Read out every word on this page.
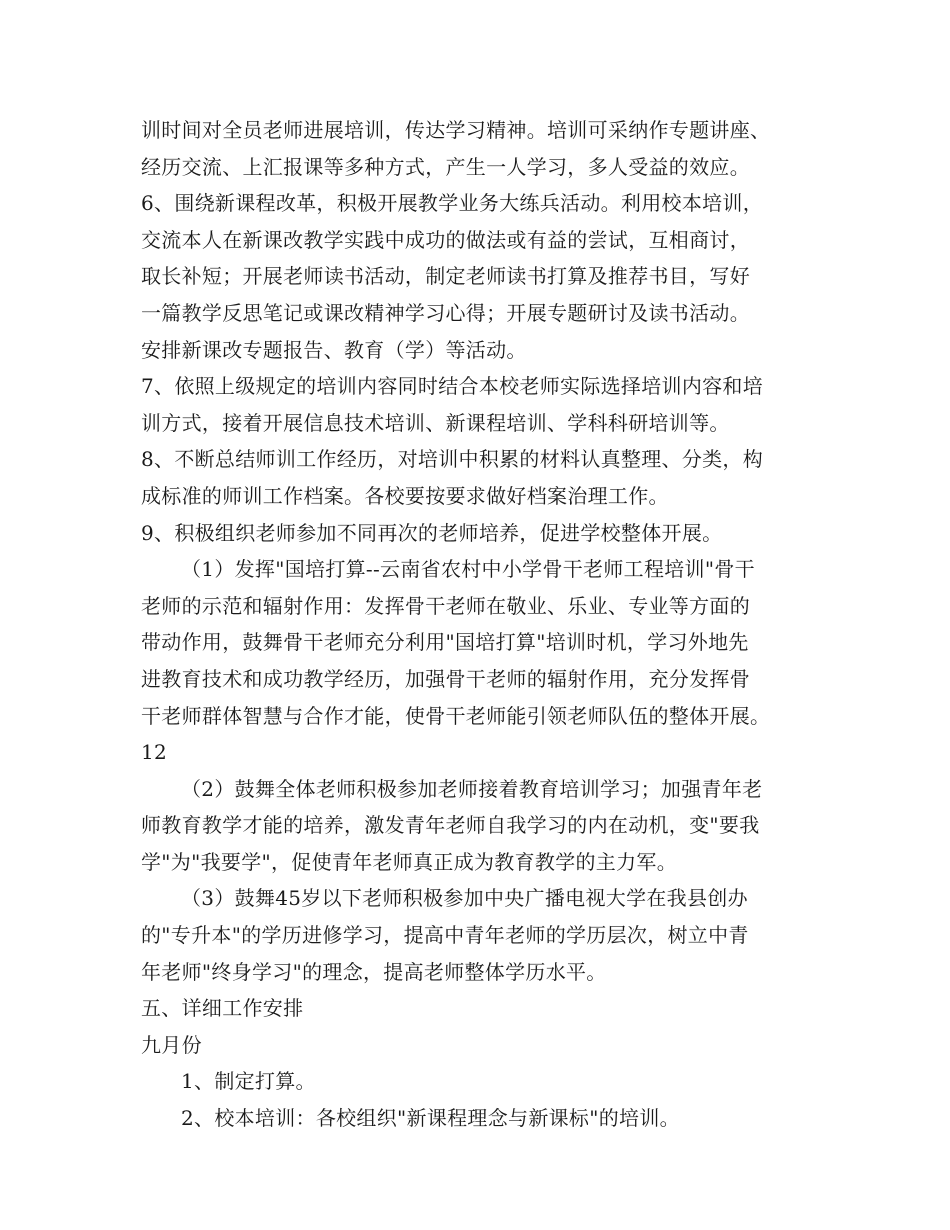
训时间对全员老师进展培训，传达学习精神。培训可采纳作专题讲座、
经历交流、上汇报课等多种方式，产生一人学习，多人受益的效应。
6、围绕新课程改革，积极开展教学业务大练兵活动。利用校本培训，
交流本人在新课改教学实践中成功的做法或有益的尝试，互相商讨，
取长补短；开展老师读书活动，制定老师读书打算及推荐书目，写好
一篇教学反思笔记或课改精神学习心得；开展专题研讨及读书活动。
安排新课改专题报告、教育（学）等活动。
7、依照上级规定的培训内容同时结合本校老师实际选择培训内容和培
训方式，接着开展信息技术培训、新课程培训、学科科研培训等。
8、不断总结师训工作经历，对培训中积累的材料认真整理、分类，构
成标准的师训工作档案。各校要按要求做好档案治理工作。
9、积极组织老师参加不同再次的老师培养，促进学校整体开展。
（1）发挥"国培打算--云南省农村中小学骨干老师工程培训"骨干
老师的示范和辐射作用：发挥骨干老师在敬业、乐业、专业等方面的
带动作用，鼓舞骨干老师充分利用"国培打算"培训时机，学习外地先
进教育技术和成功教学经历，加强骨干老师的辐射作用，充分发挥骨
干老师群体智慧与合作才能，使骨干老师能引领老师队伍的整体开展。
12
（2）鼓舞全体老师积极参加老师接着教育培训学习；加强青年老
师教育教学才能的培养，激发青年老师自我学习的内在动机，变"要我
学"为"我要学"，促使青年老师真正成为教育教学的主力军。
（3）鼓舞45岁以下老师积极参加中央广播电视大学在我县创办
的"专升本"的学历进修学习，提高中青年老师的学历层次，树立中青
年老师"终身学习"的理念，提高老师整体学历水平。
五、详细工作安排
九月份
1、制定打算。
2、校本培训：各校组织"新课程理念与新课标"的培训。
